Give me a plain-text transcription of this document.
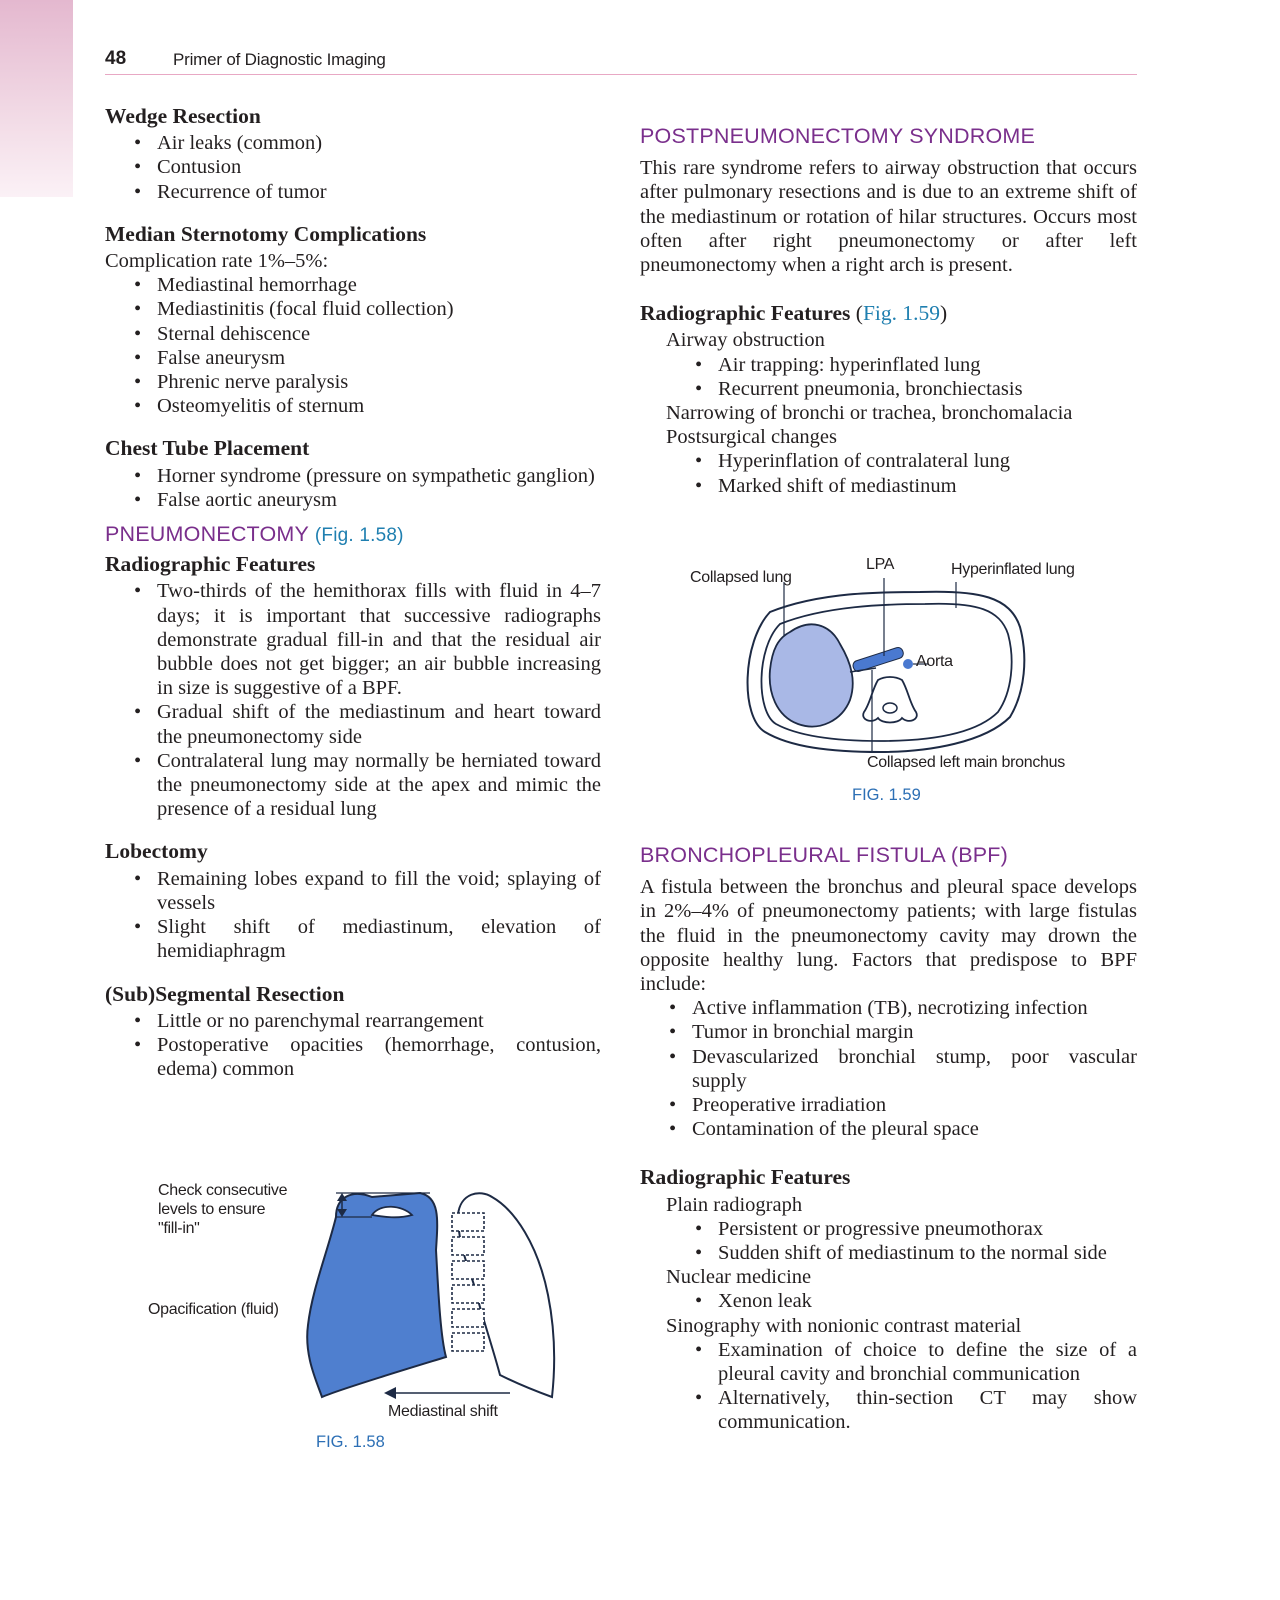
48	Primer of Diagnostic Imaging
Wedge Resection
• Air leaks (common)
• Contusion
• Recurrence of tumor
Median Sternotomy Complications

Complication rate 1%–5%:

• Mediastinal hemorrhage
• Mediastinitis (focal fluid collection)
• Sternal dehiscence
• False aneurysm
• Phrenic nerve paralysis
• Osteomyelitis of sternum
Chest Tube Placement
• Horner syndrome (pressure on sympathetic ganglion)
• False aortic aneurysm
PNEUMONECTOMY (Fig. 1.58)
Radiographic Features
• Two-thirds of the hemithorax fills with fluid in 4–7 days; it is important that successive radiographs demonstrate gradual fill-in and that the residual air bubble does not get bigger; an air bubble increasing in size is suggestive of a BPF.
• Gradual shift of the mediastinum and heart toward the pneumonectomy side
• Contralateral lung may normally be herniated toward the pneumonectomy side at the apex and mimic the presence of a residual lung
Lobectomy
• Remaining lobes expand to fill the void; splaying of vessels
• Slight shift of mediastinum, elevation of hemidiaphragm
(Sub)Segmental Resection
• Little or no parenchymal rearrangement
• Postoperative opacities (hemorrhage, contusion, edema) common
Check consecutive
levels to ensure
"fill-in"
Opacification (fluid)
Mediastinal shift
FIG. 1.58
POSTPNEUMONECTOMY SYNDROME

This rare syndrome refers to airway obstruction that occurs after pulmonary resections and is due to an extreme shift of the mediastinum or rotation of hilar structures. Occurs most often after right pneumonectomy or after left pneumonectomy when a right arch is present.

Radiographic Features (Fig. 1.59)

Airway obstruction

• Air trapping: hyperinflated lung
• Recurrent pneumonia, bronchiectasis

Narrowing of bronchi or trachea, bronchomalacia

Postsurgical changes

• Hyperinflation of contralateral lung
• Marked shift of mediastinum
Collapsed lung
LPA	Hyperinflated lung
Aorta
Collapsed left main bronchus
FIG. 1.59
BRONCHOPLEURAL FISTULA (BPF)

A fistula between the bronchus and pleural space develops in 2%–4% of pneumonectomy patients; with large fistulas the fluid in the pneumonectomy cavity may drown the opposite healthy lung. Factors that predispose to BPF include:

• Active inflammation (TB), necrotizing infection
• Tumor in bronchial margin
• Devascularized bronchial stump, poor vascular supply
• Preoperative irradiation
• Contamination of the pleural space
Radiographic Features

Plain radiograph

• Persistent or progressive pneumothorax
• Sudden shift of mediastinum to the normal side

Nuclear medicine

• Xenon leak

Sinography with nonionic contrast material

• Examination of choice to define the size of a pleural cavity and bronchial communication
• Alternatively, thin-section CT may show communication.
